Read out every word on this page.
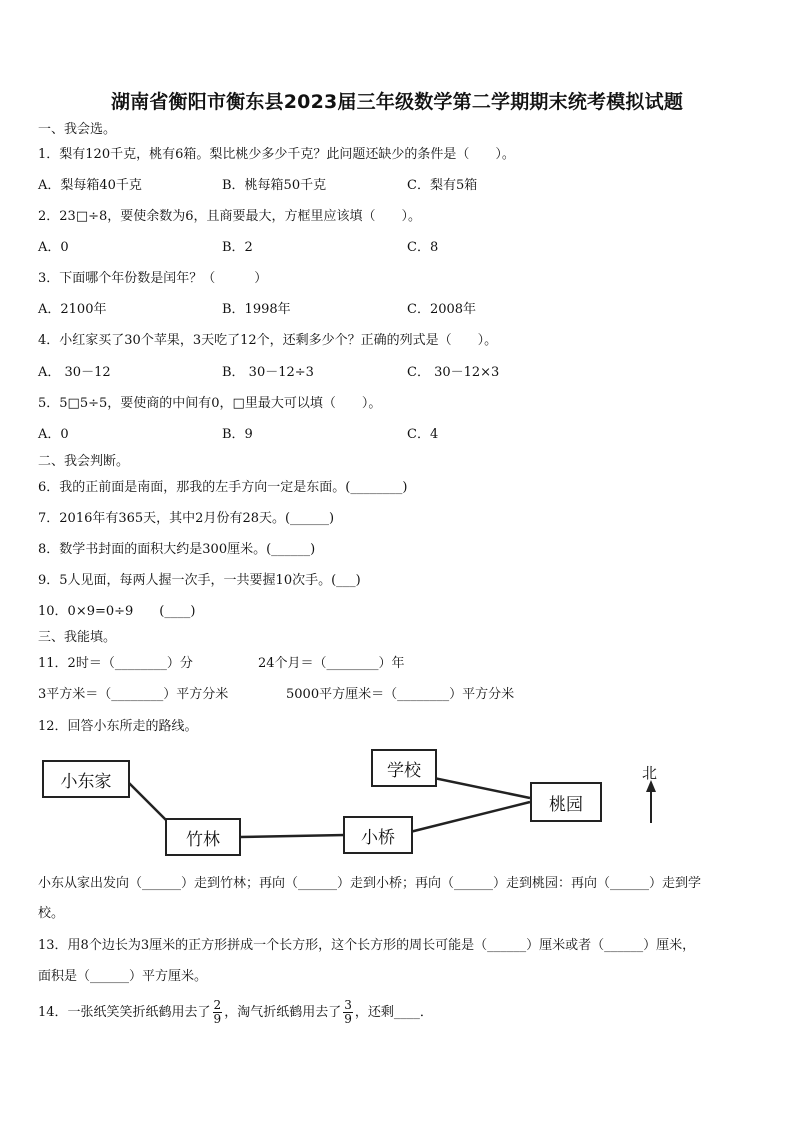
湖南省衡阳市衡东县2023届三年级数学第二学期期末统考模拟试题
一、我会选。
1．梨有120千克，桃有6箱。梨比桃少多少千克？此问题还缺少的条件是（　　）。
A．梨每箱40千克	B．桃每箱50千克	C．梨有5箱
2．23□÷8，要使余数为6，且商要最大，方框里应该填（　　）。
A．0	B．2	C．8
3．下面哪个年份数是闰年？（　　　）
A．2100年	B．1998年	C．2008年
4．小红家买了30个苹果，3天吃了12个，还剩多少个？正确的列式是（　　）。
A． 30－12	B． 30－12÷3	C． 30－12×3
5．5□5÷5，要使商的中间有0，□里最大可以填（　　）。
A．0	B．9	C．4
二、我会判断。
6．我的正前面是南面，那我的左手方向一定是东面。(________)
7．2016年有365天，其中2月份有28天。(______)
8．数学书封面的面积大约是300厘米。(______)
9．5人见面，每两人握一次手，一共要握10次手。(___)
10．0×9=0÷9　　(____)
三、我能填。
11．2时＝（________）分	24个月＝（________）年
3平方米＝（________）平方分米	5000平方厘米＝（________）平方分米
12．回答小东所走的路线。
小东家
竹林	小桥
学校
桃园
北
小东从家出发向（______）走到竹林；再向（______）走到小桥；再向（______）走到桃园：再向（______）走到学
校。
13．用8个边长为3厘米的正方形拼成一个长方形，这个长方形的周长可能是（______）厘米或者（______）厘米，
面积是（______）平方厘米。
14．一张纸笑笑折纸鹤用去了 $\frac{2}{9}$ ，淘气折纸鹤用去了 $\frac{3}{9}$ ，还剩____．
